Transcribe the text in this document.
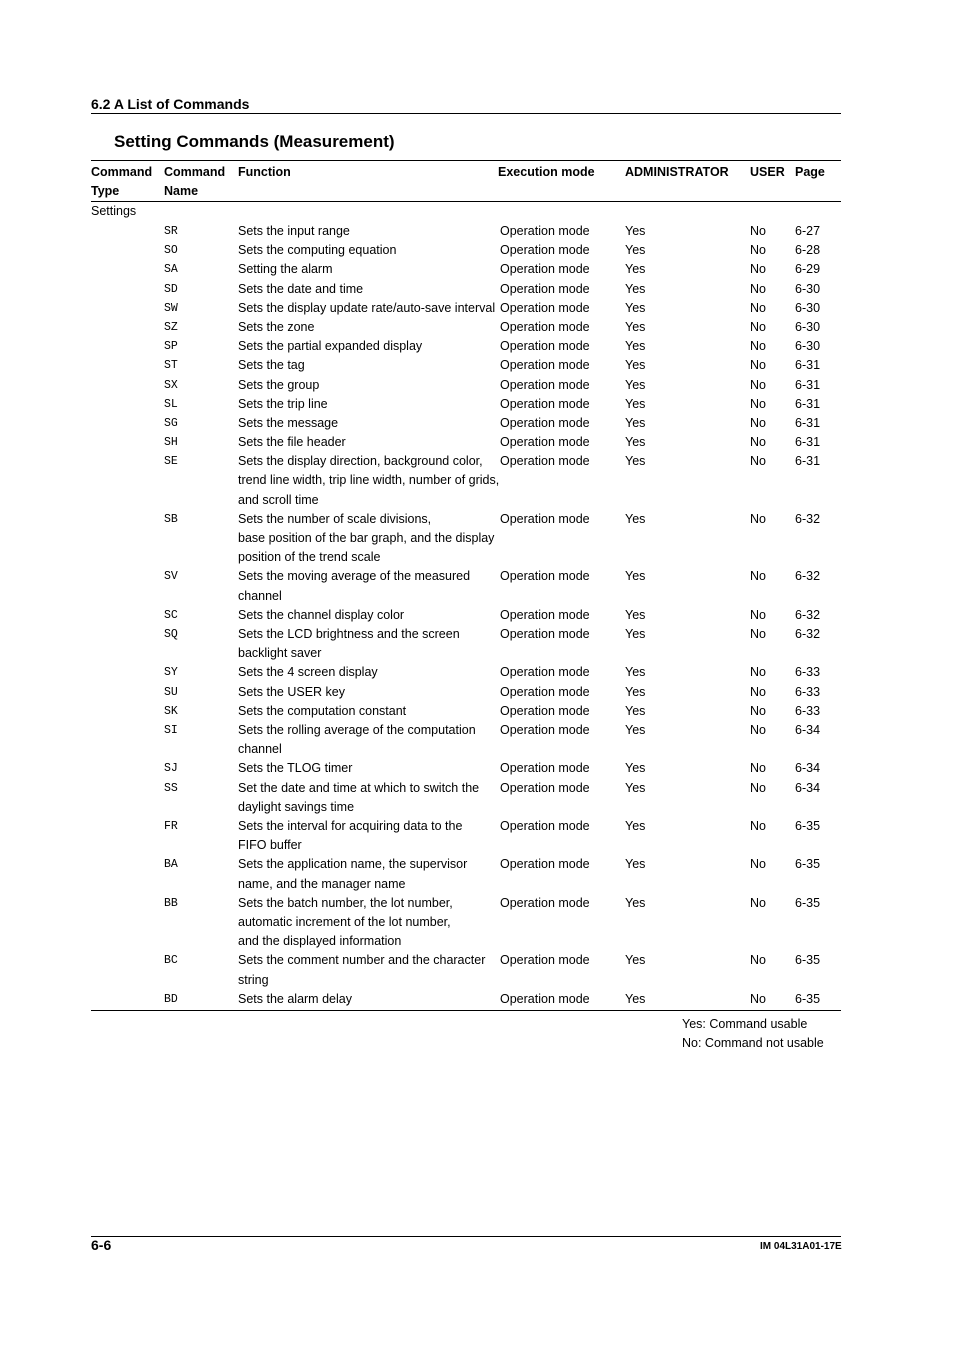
6.2 A List of Commands
Setting Commands (Measurement)
Command
Type
Command
Name
Function	Execution mode ADMINISTRATOR USER Page
Settings
SR	Sets the input range	Operation mode	Yes	No 6-27
SO	Sets the computing equation	Operation mode	Yes	No 6-28
SA	Setting the alarm	Operation mode	Yes	No 6-29
SD	Sets the date and time	Operation mode	Yes	No 6-30
SW	Sets the display update rate/auto-save interval Operation mode	Yes	No 6-30
SZ	Sets the zone	Operation mode	Yes	No 6-30
SP	Sets the partial expanded display	Operation mode	Yes	No 6-30
ST	Sets the tag	Operation mode	Yes	No 6-31
SX	Sets the group	Operation mode	Yes	No 6-31
SL	Sets the trip line	Operation mode	Yes	No 6-31
SG	Sets the message	Operation mode	Yes	No 6-31
SH	Sets the file header	Operation mode	Yes	No 6-31
SE	Sets the display direction, background color,
trend line width, trip line width, number of grids,
and scroll time
Operation mode	Yes	No 6-31
SB	Sets the number of scale divisions,
base position of the bar graph, and the display
position of the trend scale
Operation mode	Yes	No 6-32
SV	Sets the moving average of the measured
channel
Operation mode	Yes	No 6-32
SC	Sets the channel display color	Operation mode	Yes	No 6-32
SQ	Sets the LCD brightness and the screen
backlight saver
Operation mode	Yes	No 6-32
SY	Sets the 4 screen display	Operation mode	Yes	No 6-33
SU	Sets the USER key	Operation mode	Yes	No 6-33
SK	Sets the computation constant	Operation mode	Yes	No 6-33
SI	Sets the rolling average of the computation
channel
Operation mode	Yes	No 6-34
SJ	Sets the TLOG timer	Operation mode	Yes	No 6-34
SS	Set the date and time at which to switch the
daylight savings time
Operation mode	Yes	No 6-34
FR	Sets the interval for acquiring data to the
FIFO buffer
Operation mode	Yes	No 6-35
BA	Sets the application name, the supervisor
name, and the manager name
Operation mode	Yes	No 6-35
BB	Sets the batch number, the lot number,
automatic increment of the lot number,
and the displayed information
Operation mode	Yes	No 6-35
BC	Sets the comment number and the character
string
Operation mode	Yes	No 6-35
BD	Sets the alarm delay	Operation mode	Yes	No 6-35
Yes: Command usable
No: Command not usable
6-6	IM 04L31A01-17E
